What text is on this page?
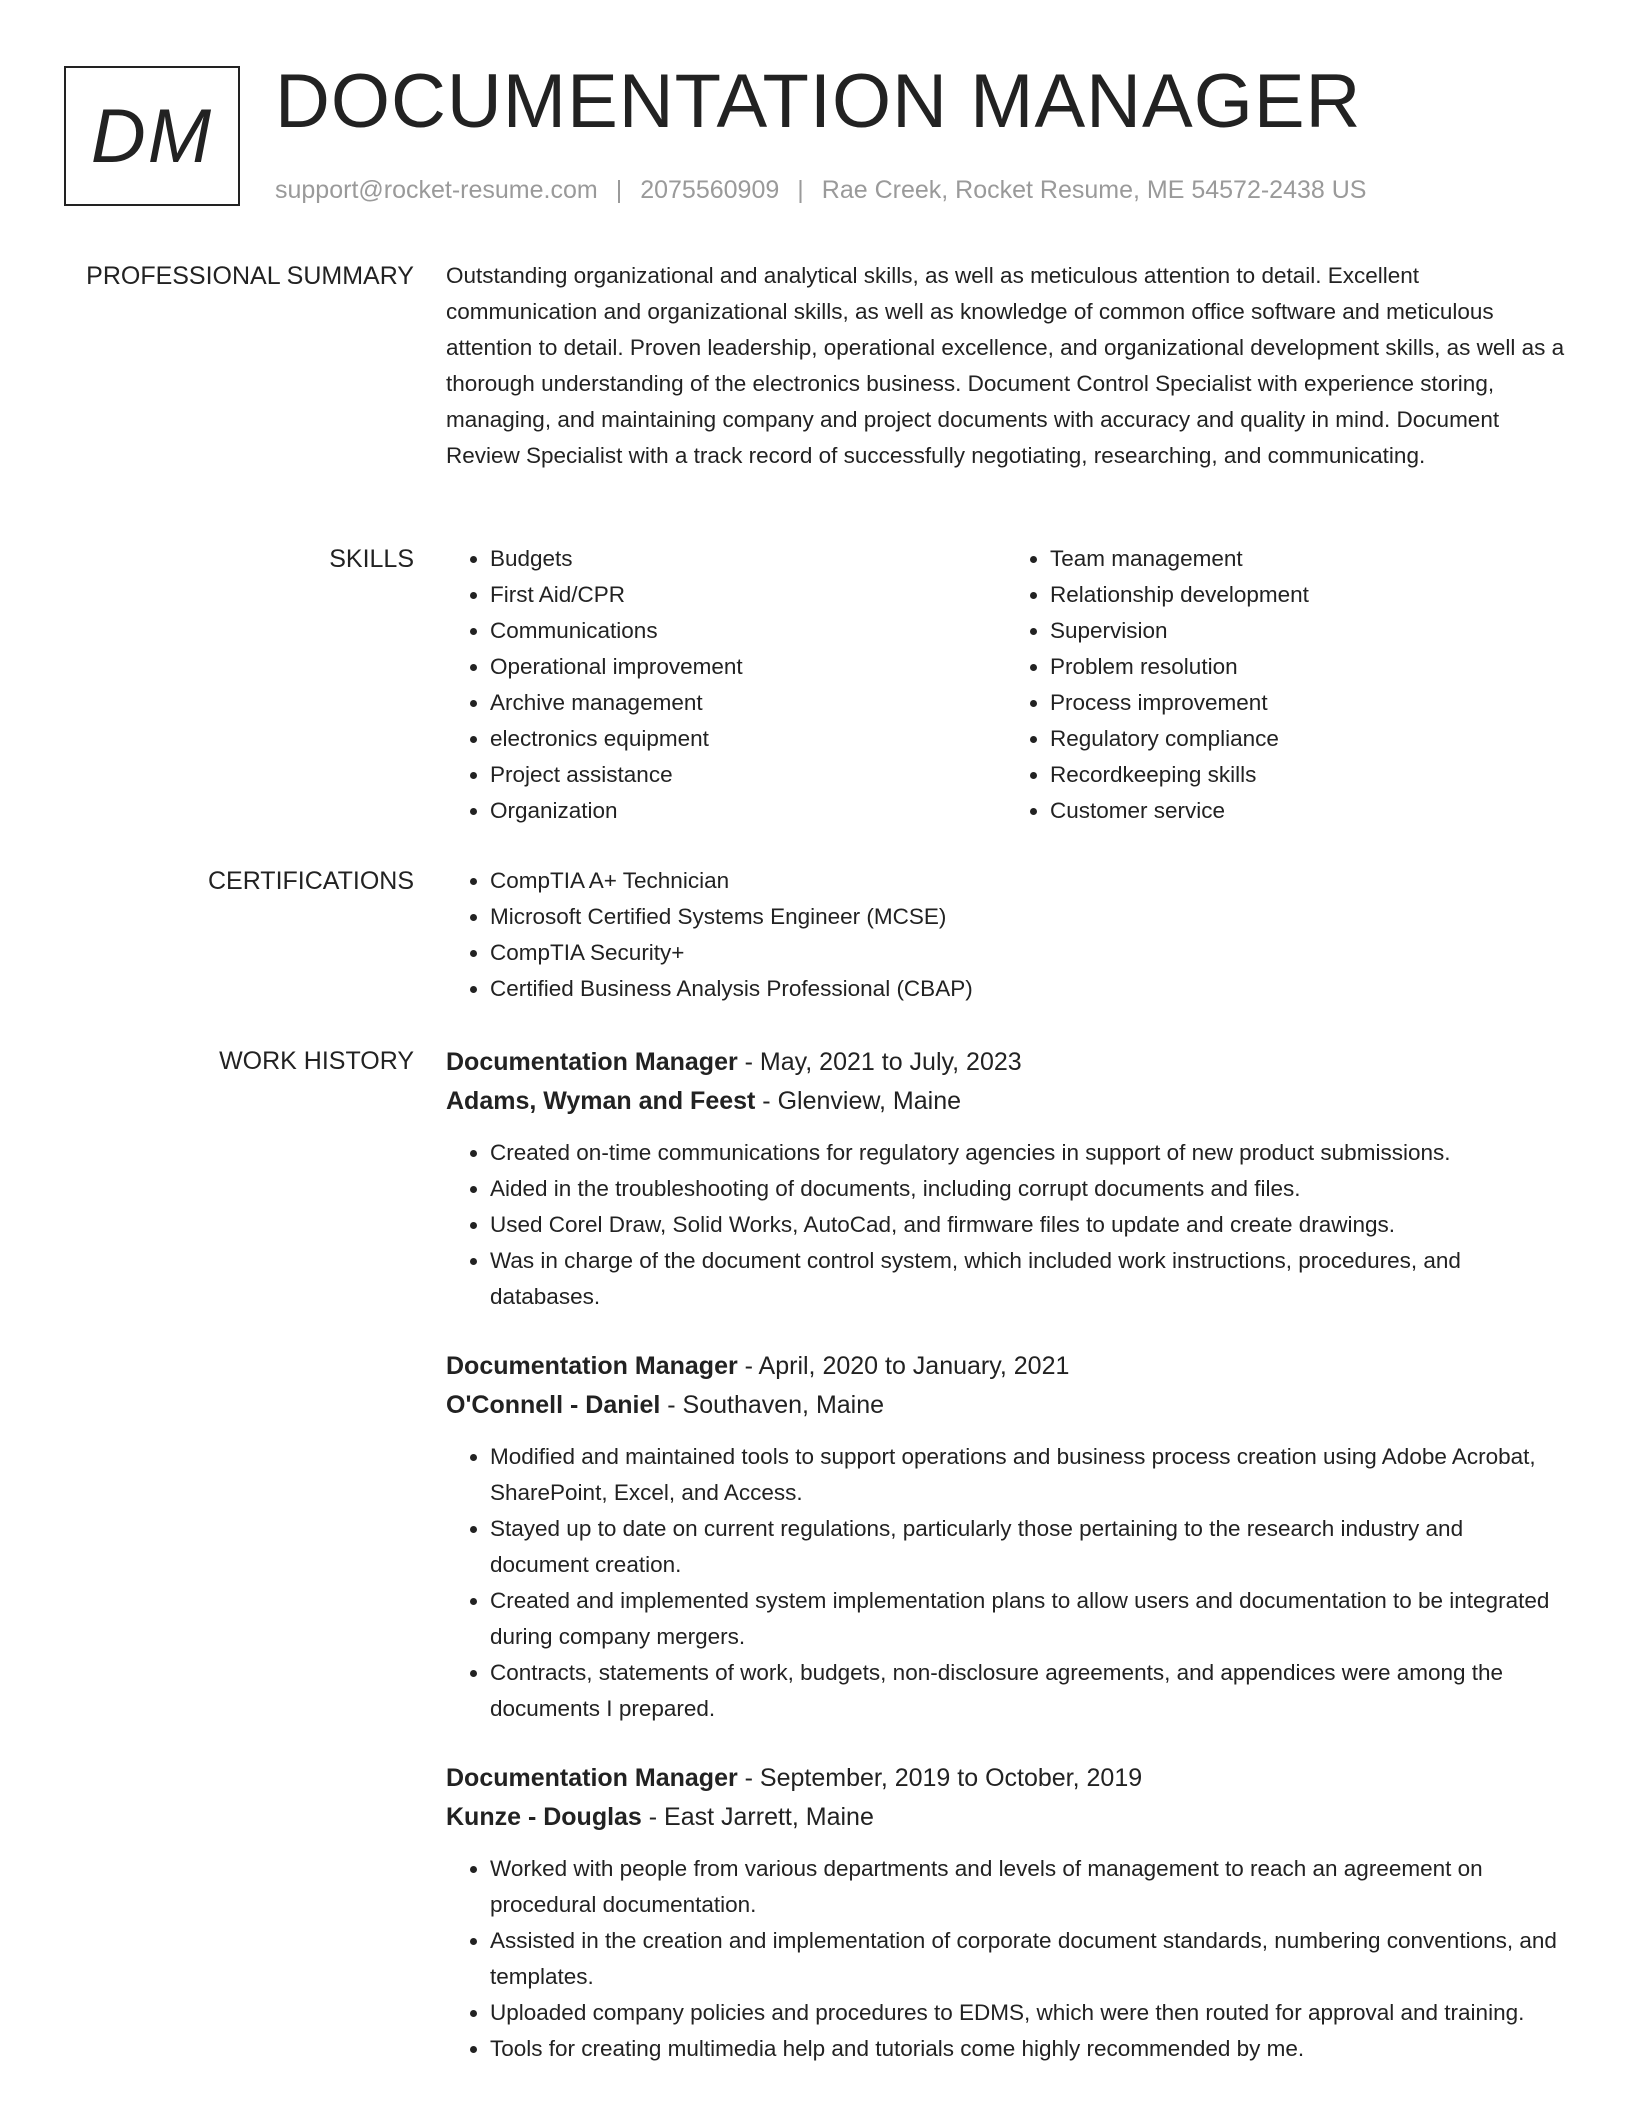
DM DOCUMENTATION MANAGER
support@rocket-resume.com | 2075560909 | Rae Creek, Rocket Resume, ME 54572-2438 US
PROFESSIONAL SUMMARY Outstanding organizational and analytical skills, as well as meticulous attention to detail. Excellent communication and organizational skills, as well as knowledge of common office software and meticulous attention to detail. Proven leadership, operational excellence, and organizational development skills, as well as a thorough understanding of the electronics business. Document Control Specialist with experience storing, managing, and maintaining company and project documents with accuracy and quality in mind. Document Review Specialist with a track record of successfully negotiating, researching, and communicating.

SKILLS	• Budgets
• First Aid/CPR
• Communications
• Operational improvement
• Archive management
• electronics equipment
• Project assistance
• Organization
• Team management
• Relationship development
• Supervision
• Problem resolution
• Process improvement
• Regulatory compliance
• Recordkeeping skills
• Customer service
CERTIFICATIONS	• CompTIA A+ Technician
• Microsoft Certified Systems Engineer (MCSE)
• CompTIA Security+
• Certified Business Analysis Professional (CBAP)
WORK HISTORY Documentation Manager - May, 2021 to July, 2023
Adams, Wyman and Feest - Glenview, Maine
• Created on-time communications for regulatory agencies in support of new product submissions.
• Aided in the troubleshooting of documents, including corrupt documents and files.
• Used Corel Draw, Solid Works, AutoCad, and firmware files to update and create drawings.
• Was in charge of the document control system, which included work instructions, procedures, and databases.
Documentation Manager - April, 2020 to January, 2021
O'Connell - Daniel - Southaven, Maine
• Modified and maintained tools to support operations and business process creation using Adobe Acrobat, SharePoint, Excel, and Access.
• Stayed up to date on current regulations, particularly those pertaining to the research industry and document creation.
• Created and implemented system implementation plans to allow users and documentation to be integrated during company mergers.
• Contracts, statements of work, budgets, non-disclosure agreements, and appendices were among the documents I prepared.
Documentation Manager - September, 2019 to October, 2019
Kunze - Douglas - East Jarrett, Maine
• Worked with people from various departments and levels of management to reach an agreement on procedural documentation.
• Assisted in the creation and implementation of corporate document standards, numbering conventions, and templates.
• Uploaded company policies and procedures to EDMS, which were then routed for approval and training.
• Tools for creating multimedia help and tutorials come highly recommended by me.
